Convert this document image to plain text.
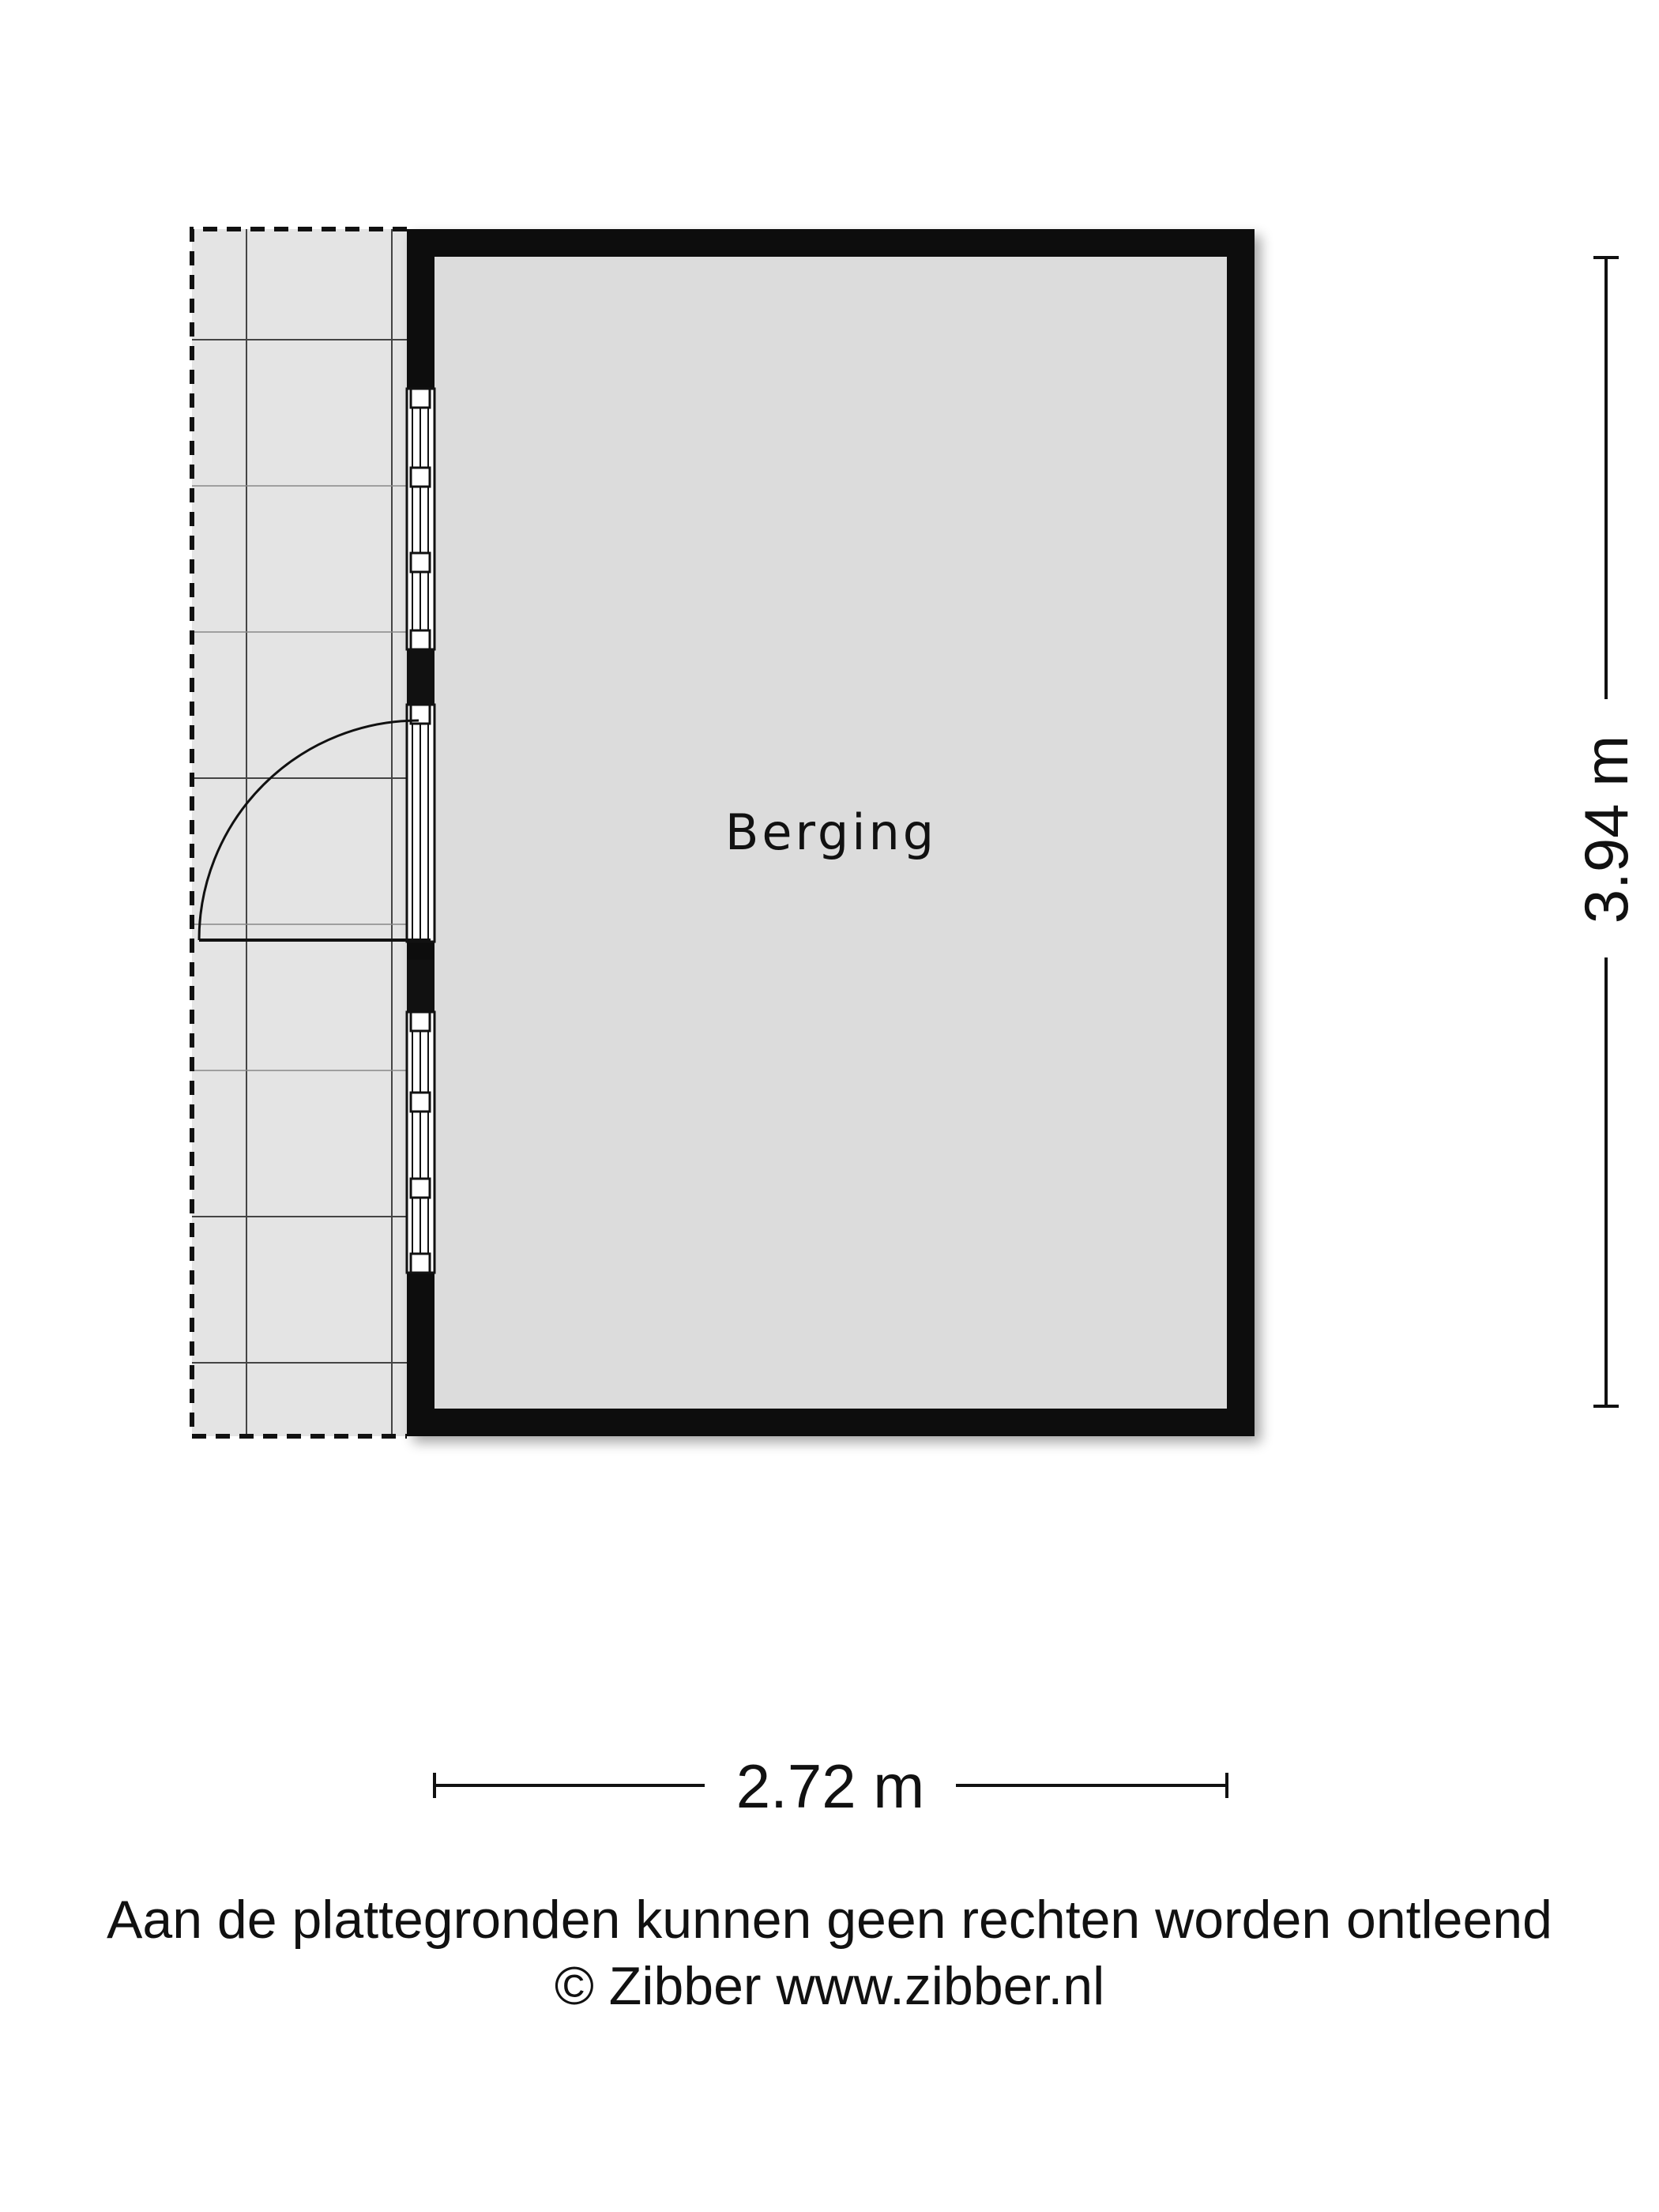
Berging	3.94 m
2.72 m

Aan de plattegronden kunnen geen rechten worden ontleend

© Zibber www.zibber.nl
